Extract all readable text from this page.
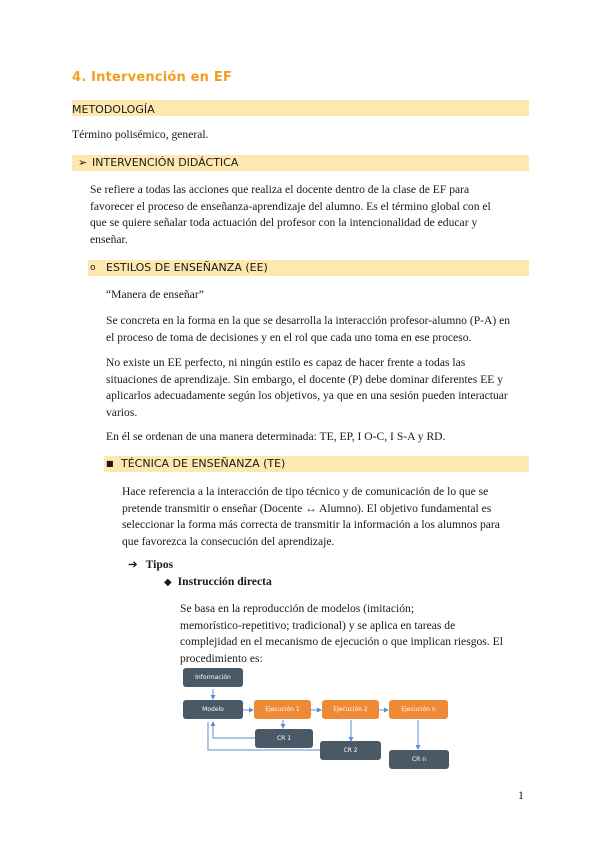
4. Intervención en EF
METODOLOGÍA
Término polisémico, general.
➢ INTERVENCIÓN DIDÁCTICA

Se refiere a todas las acciones que realiza el docente dentro de la clase de EF para

favorecer el proceso de enseñanza-aprendizaje del alumno. Es el término global con el

que se quiere señalar toda actuación del profesor con la intencionalidad de educar y

enseñar.

o ESTILOS DE ENSEÑANZA (EE)
“Manera de enseñar”

Se concreta en la forma en la que se desarrolla la interacción profesor-alumno (P-A) en

el proceso de toma de decisiones y en el rol que cada uno toma en ese proceso.

No existe un EE perfecto, ni ningún estilo es capaz de hacer frente a todas las

situaciones de aprendizaje. Sin embargo, el docente (P) debe dominar diferentes EE y

aplicarlos adecuadamente según los objetivos, ya que en una sesión pueden interactuar

varios.

En él se ordenan de una manera determinada: TE, EP, I O-C, I S-A y RD.
■ TÉCNICA DE ENSEÑANZA (TE)

Hace referencia a la interacción de tipo técnico y de comunicación de lo que se

pretende transmitir o enseñar (Docente ↔ Alumno). El objetivo fundamental es

seleccionar la forma más correcta de transmitir la información a los alumnos para

que favorezca la consecución del aprendizaje.

➔ Tipos
◆ Instrucción directa

Se basa en la reproducción de modelos (imitación;

memorístico-repetitivo; tradicional) y se aplica en tareas de

complejidad en el mecanismo de ejecución o que implican riesgos. El

procedimiento es:

Información
Modelo	Ejecución 1	Ejecución 2	Ejecución n
CR 1
CR 2
CR n
1
